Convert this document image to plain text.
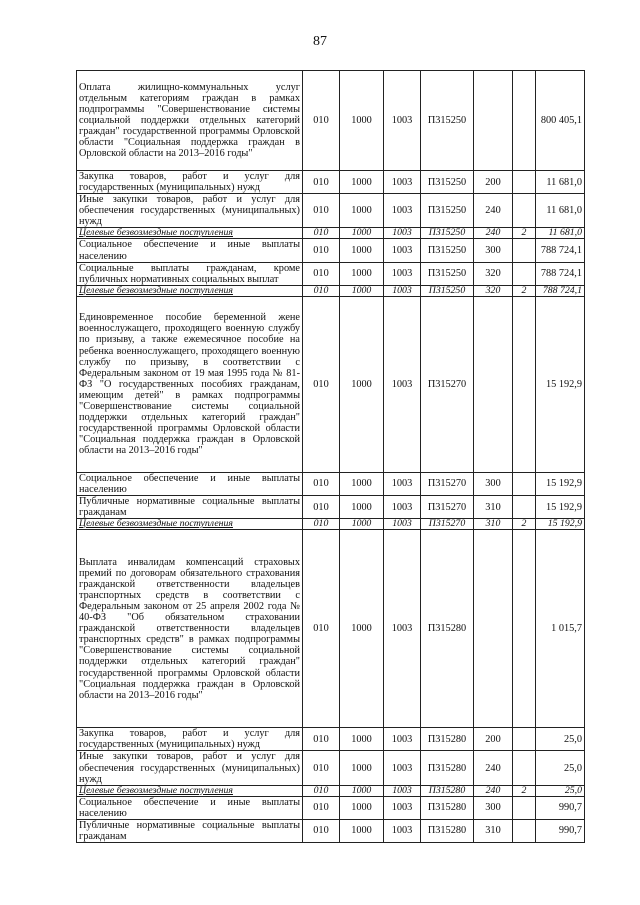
87
Оплата жилищно-коммунальных услуг отдельным категориям граждан в рамках подпрограммы "Совершенствование системы социальной поддержки отдельных категорий граждан" государственной программы Орловской области "Социальная поддержка граждан в Орловской области на 2013–2016 годы"	010	1000	1003	П315250			800 405,1
Закупка товаров, работ и услуг для государственных (муниципальных) нужд	010	1000	1003	П315250	200		11 681,0
Иные закупки товаров, работ и услуг для обеспечения государственных (муниципальных) нужд	010	1000	1003	П315250	240		11 681,0
Целевые безвозмездные поступления	010	1000	1003	П315250	240	2	11 681,0
Социальное обеспечение и иные выплаты населению	010	1000	1003	П315250	300		788 724,1
Социальные выплаты гражданам, кроме публичных нормативных социальных выплат	010	1000	1003	П315250	320		788 724,1
Целевые безвозмездные поступления	010	1000	1003	П315250	320	2	788 724,1
Единовременное пособие беременной жене военнослужащего, проходящего военную службу по призыву, а также ежемесячное пособие на ребенка военнослужащего, проходящего военную службу по призыву, в соответствии с Федеральным законом от 19 мая 1995 года № 81-ФЗ "О государственных пособиях гражданам, имеющим детей" в рамках подпрограммы "Совершенствование системы социальной поддержки отдельных категорий граждан" государственной программы Орловской области "Социальная поддержка граждан в Орловской области на 2013–2016 годы"	010	1000	1003	П315270			15 192,9
Социальное обеспечение и иные выплаты населению	010	1000	1003	П315270	300		15 192,9
Публичные нормативные социальные выплаты гражданам	010	1000	1003	П315270	310		15 192,9
Целевые безвозмездные поступления	010	1000	1003	П315270	310	2	15 192,9
Выплата инвалидам компенсаций страховых премий по договорам обязательного страхования гражданской ответственности владельцев транспортных средств в соответствии с Федеральным законом от 25 апреля 2002 года № 40-ФЗ "Об обязательном страховании гражданской ответственности владельцев транспортных средств" в рамках подпрограммы "Совершенствование системы социальной поддержки отдельных категорий граждан" государственной программы Орловской области "Социальная поддержка граждан в Орловской области на 2013–2016 годы"	010	1000	1003	П315280			1 015,7
Закупка товаров, работ и услуг для государственных (муниципальных) нужд	010	1000	1003	П315280	200		25,0
Иные закупки товаров, работ и услуг для обеспечения государственных (муниципальных) нужд	010	1000	1003	П315280	240		25,0
Целевые безвозмездные поступления	010	1000	1003	П315280	240	2	25,0
Социальное обеспечение и иные выплаты населению	010	1000	1003	П315280	300		990,7
Публичные нормативные социальные выплаты гражданам	010	1000	1003	П315280	310		990,7
